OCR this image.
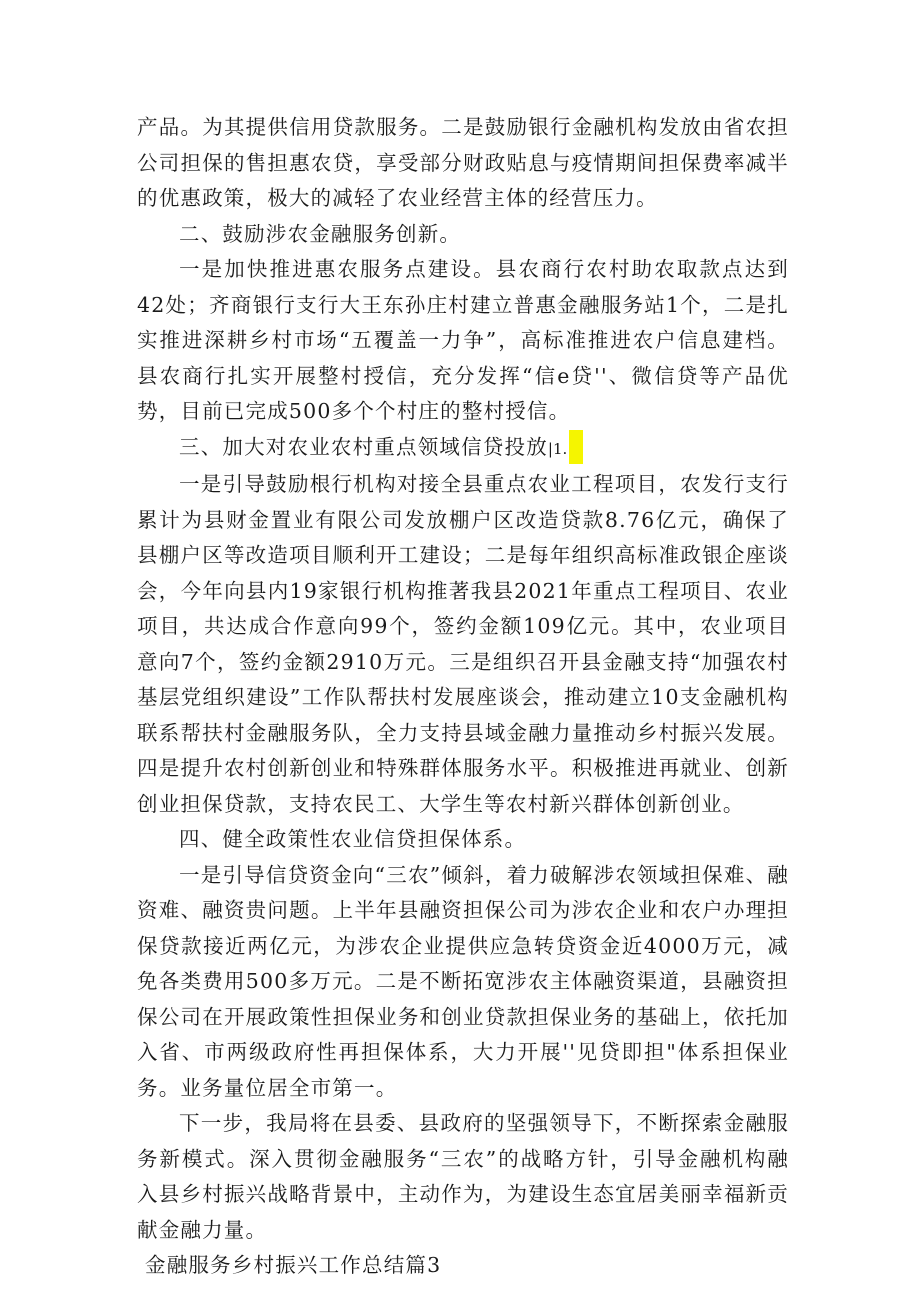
产品。为其提供信用贷款服务。二是鼓励银行金融机构发放由省农担公司担保的售担惠农贷，享受部分财政贴息与疫情期间担保费率减半的优惠政策，极大的减轻了农业经营主体的经营压力。

二、鼓励涉农金融服务创新。

一是加快推进惠农服务点建设。县农商行农村助农取款点达到42处；齐商银行支行大王东孙庄村建立普惠金融服务站1个，二是扎实推进深耕乡村市场“五覆盖一力争”，高标准推进农户信息建档。县农商行扎实开展整村授信，充分发挥“信e贷''、微信贷等产品优势，目前已完成500多个个村庄的整村授信。

三、加大对农业农村重点领域信贷投放|1.

一是引导鼓励根行机构对接全县重点农业工程项目，农发行支行累计为县财金置业有限公司发放棚户区改造贷款8.76亿元，确保了县棚户区等改造项目顺利开工建设；二是每年组织高标准政银企座谈会，今年向县内19家银行机构推著我县2021年重点工程项目、农业项目，共达成合作意向99个，签约金额109亿元。其中，农业项目意向7个，签约金额2910万元。三是组织召开县金融支持“加强农村基层党组织建设”工作队帮扶村发展座谈会，推动建立10支金融机构联系帮扶村金融服务队，全力支持县域金融力量推动乡村振兴发展。四是提升农村创新创业和特殊群体服务水平。积极推进再就业、创新创业担保贷款，支持农民工、大学生等农村新兴群体创新创业。

四、健全政策性农业信贷担保体系。

一是引导信贷资金向“三农”倾斜，着力破解涉农领域担保难、融资难、融资贵问题。上半年县融资担保公司为涉农企业和农户办理担保贷款接近两亿元，为涉农企业提供应急转贷资金近4000万元，减免各类费用500多万元。二是不断拓宽涉农主体融资渠道，县融资担保公司在开展政策性担保业务和创业贷款担保业务的基础上，依托加入省、市两级政府性再担保体系，大力开展''见贷即担"体系担保业务。业务量位居全市第一。

下一步，我局将在县委、县政府的坚强领导下，不断探索金融服务新模式。深入贯彻金融服务“三农”的战略方针，引导金融机构融入县乡村振兴战略背景中，主动作为，为建设生态宜居美丽幸福新贡献金融力量。

金融服务乡村振兴工作总结篇3
